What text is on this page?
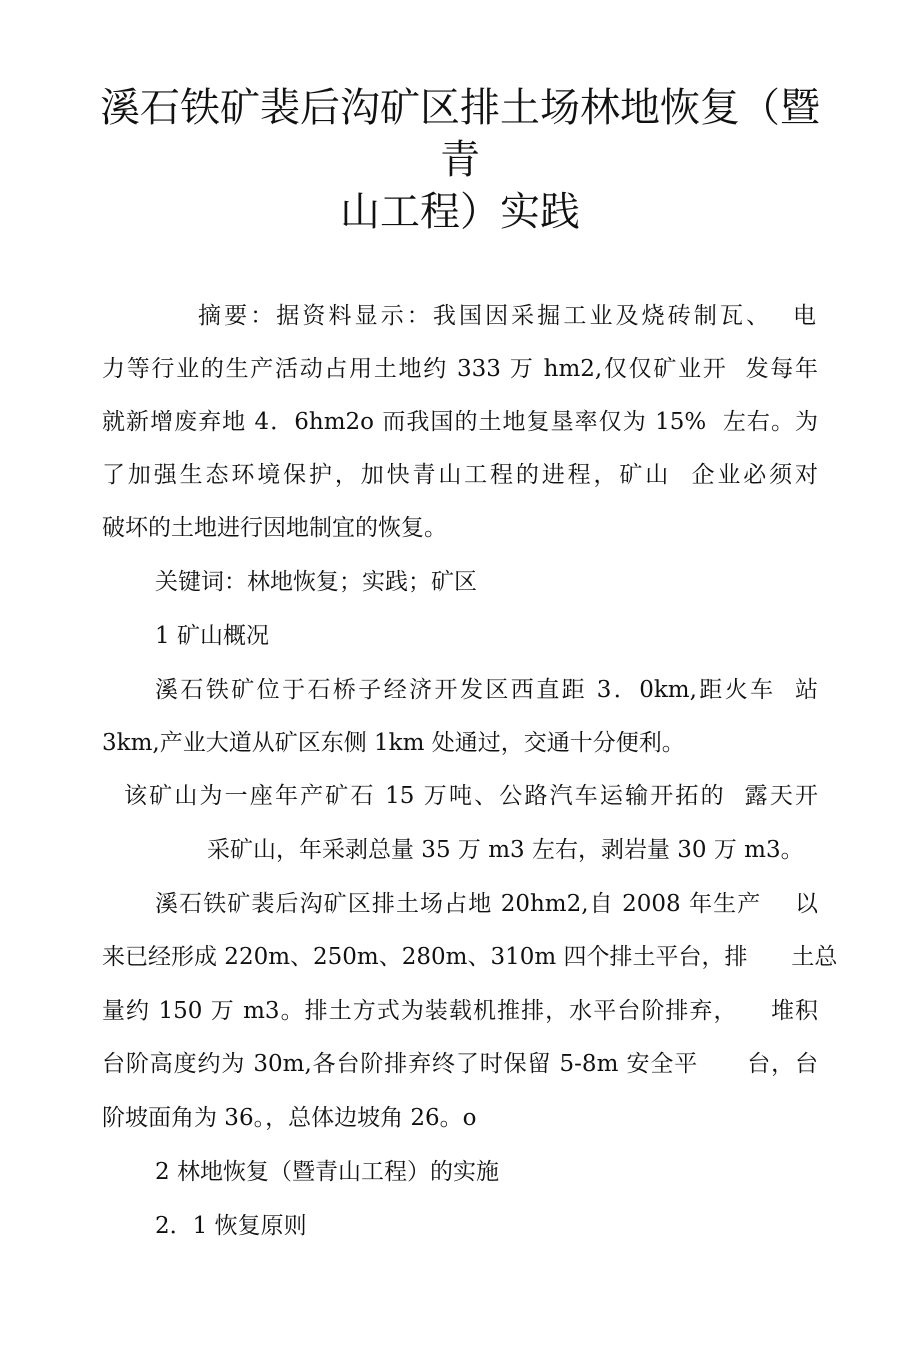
溪石铁矿裴后沟矿区排土场林地恢复（暨
青
山工程）实践
摘要：据资料显示：我国因采掘工业及烧砖制瓦、  电
力等行业的生产活动占用土地约 333 万 hm2,仅仅矿业开  发每年
就新增废弃地 4．6hm2o 而我国的土地复垦率仅为 15%  左右。为
了加强生态环境保护，加快青山工程的进程，矿山  企业必须对
破坏的土地进行因地制宜的恢复。
关键词：林地恢复；实践；矿区
1 矿山概况
溪石铁矿位于石桥子经济开发区西直距 3．0km,距火车  站
3km,产业大道从矿区东侧 1km 处通过，交通十分便利。
该矿山为一座年产矿石 15 万吨、公路汽车运输开拓的  露天开
采矿山，年采剥总量 35 万 m3 左右，剥岩量 30 万 m3。
溪石铁矿裴后沟矿区排土场占地 20hm2,自 2008 年生产    以
来已经形成 220m、250m、280m、310m 四个排土平台，排      土总
量约 150 万 m3。排土方式为装载机推排，水平台阶排弃，    堆积
台阶高度约为 30m,各台阶排弃终了时保留 5-8m 安全平      台，台
阶坡面角为 36。，总体边坡角 26。o
2 林地恢复（暨青山工程）的实施
2．1 恢复原则
